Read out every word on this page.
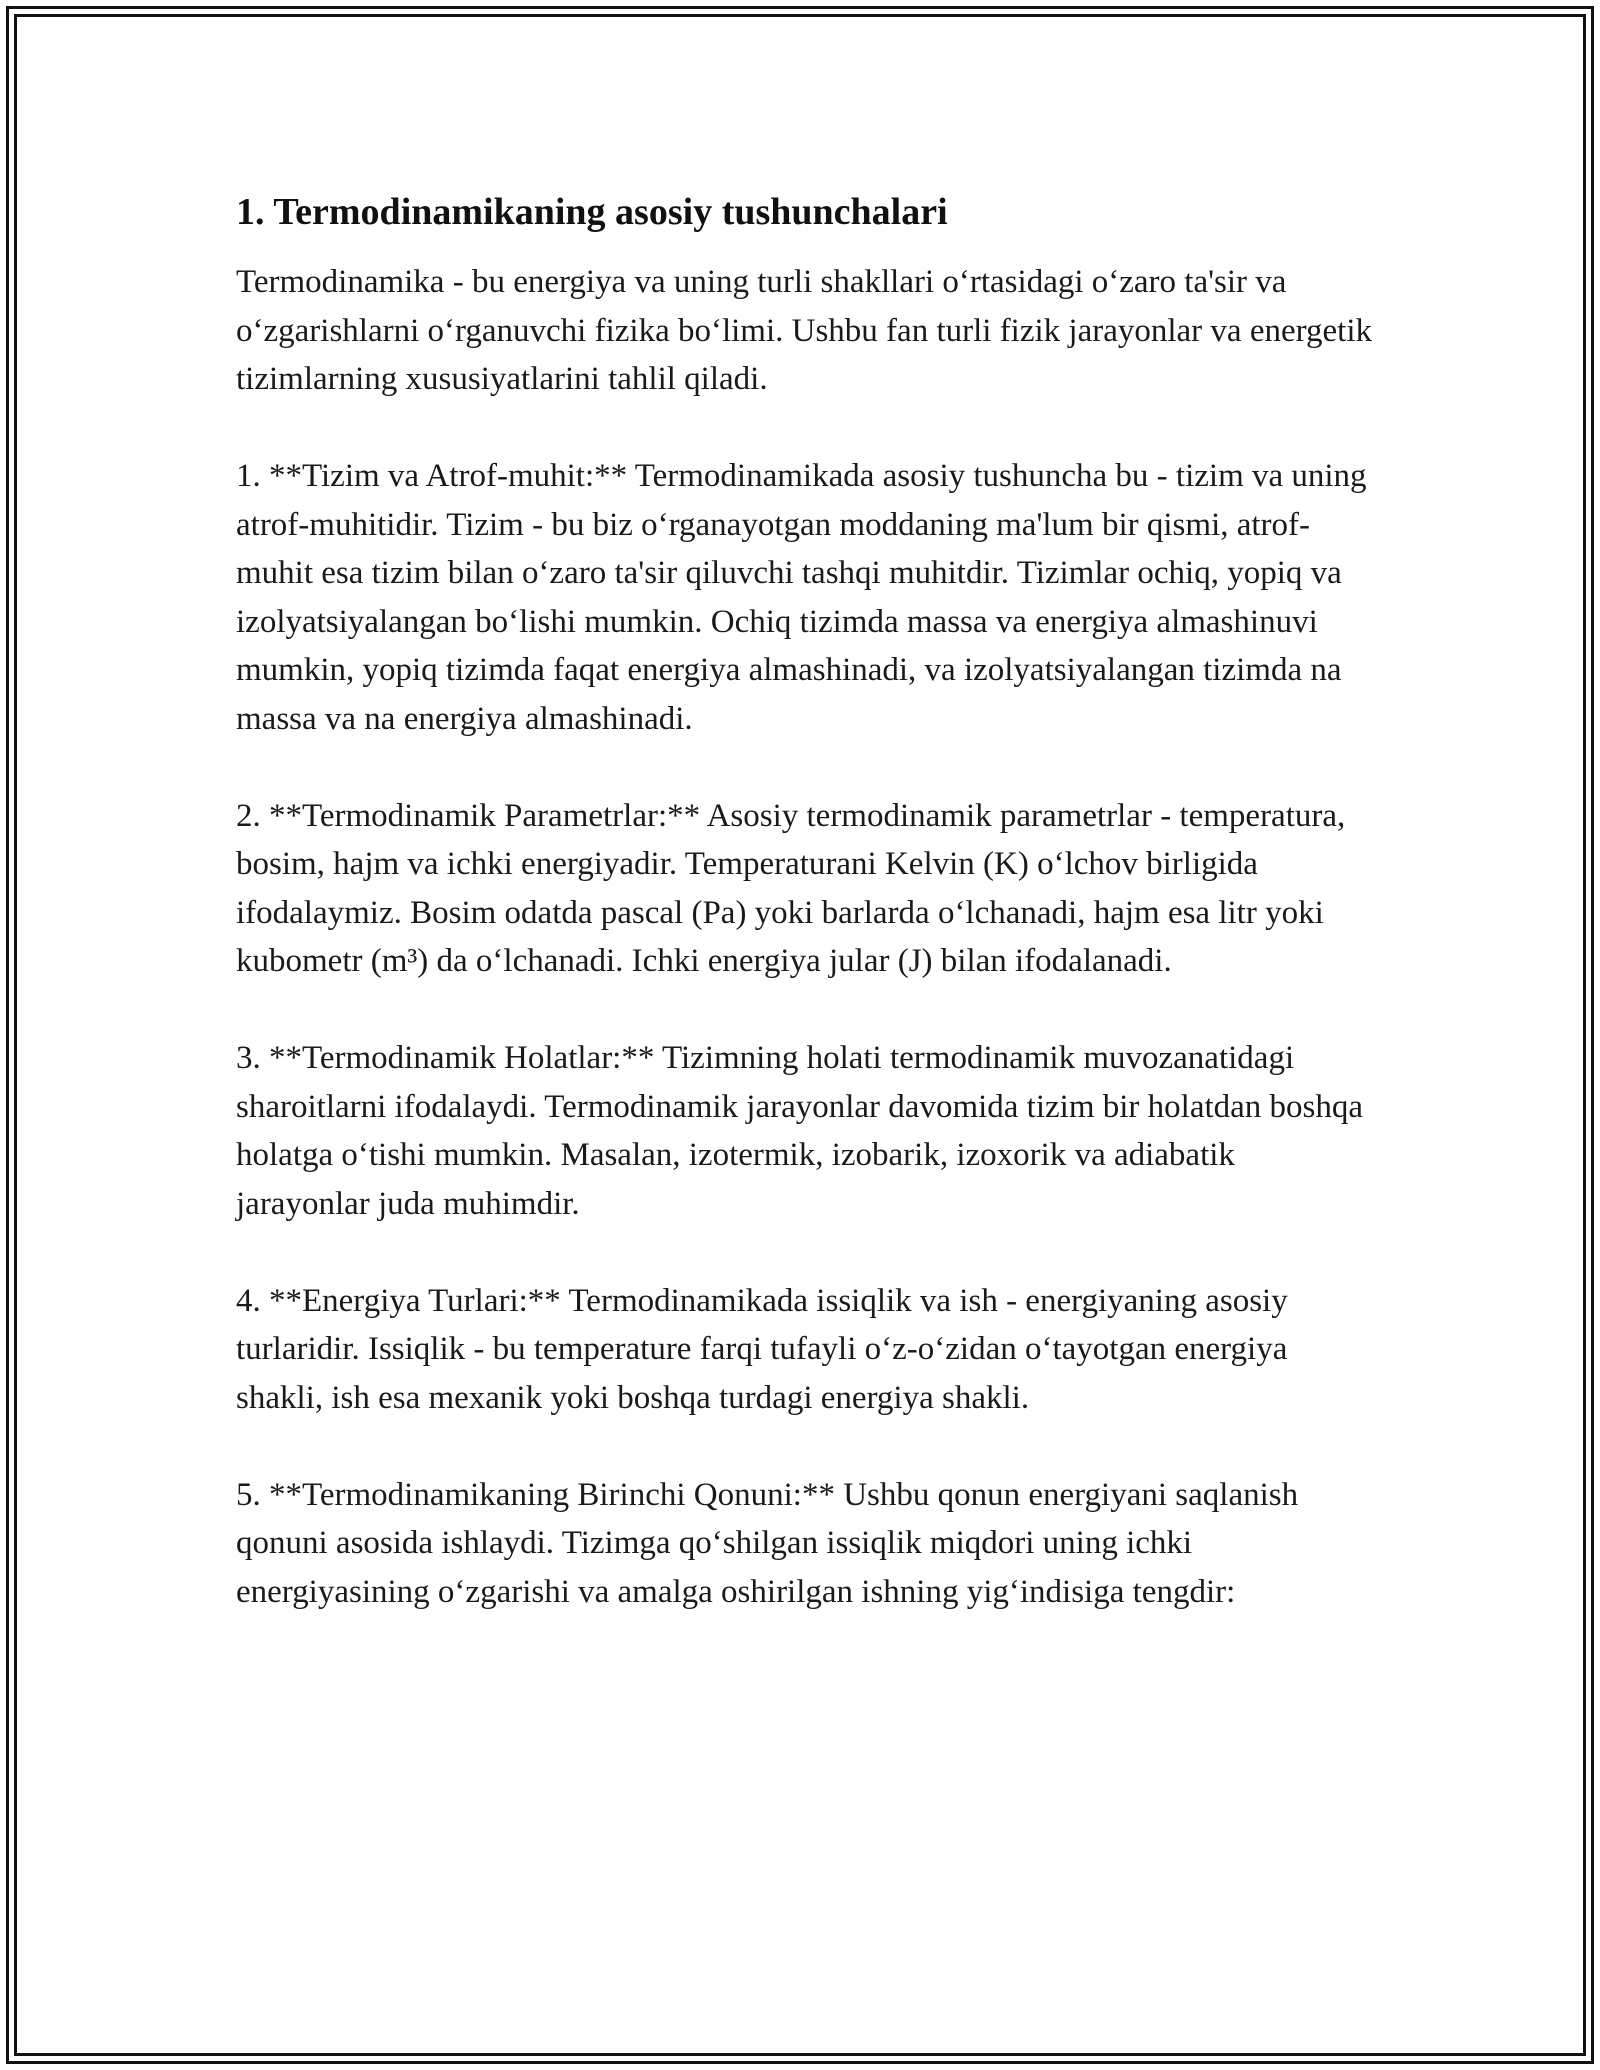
1. Termodinamikaning asosiy tushunchalari

Termodinamika - bu energiya va uning turli shakllari o‘rtasidagi o‘zaro ta'sir va o‘zgarishlarni o‘rganuvchi fizika bo‘limi. Ushbu fan turli fizik jarayonlar va energetik tizimlarning xususiyatlarini tahlil qiladi.

1. **Tizim va Atrof-muhit:** Termodinamikada asosiy tushuncha bu - tizim va uning atrof-muhitidir. Tizim - bu biz o‘rganayotgan moddaning ma'lum bir qismi, atrof-muhit esa tizim bilan o‘zaro ta'sir qiluvchi tashqi muhitdir. Tizimlar ochiq, yopiq va izolyatsiyalangan bo‘lishi mumkin. Ochiq tizimda massa va energiya almashinuvi mumkin, yopiq tizimda faqat energiya almashinadi, va izolyatsiyalangan tizimda na massa va na energiya almashinadi.

2. **Termodinamik Parametrlar:** Asosiy termodinamik parametrlar - temperatura, bosim, hajm va ichki energiyadir. Temperaturani Kelvin (K) o‘lchov birligida ifodalaymiz. Bosim odatda pascal (Pa) yoki barlarda o‘lchanadi, hajm esa litr yoki kubometr (m³) da o‘lchanadi. Ichki energiya jular (J) bilan ifodalanadi.

3. **Termodinamik Holatlar:** Tizimning holati termodinamik muvozanatidagi sharoitlarni ifodalaydi. Termodinamik jarayonlar davomida tizim bir holatdan boshqa holatga o‘tishi mumkin. Masalan, izotermik, izobarik, izoxorik va adiabatik jarayonlar juda muhimdir.

4. **Energiya Turlari:** Termodinamikada issiqlik va ish - energiyaning asosiy turlaridir. Issiqlik - bu temperature farqi tufayli o‘z-o‘zidan o‘tayotgan energiya shakli, ish esa mexanik yoki boshqa turdagi energiya shakli.

5. **Termodinamikaning Birinchi Qonuni:** Ushbu qonun energiyani saqlanish qonuni asosida ishlaydi. Tizimga qo‘shilgan issiqlik miqdori uning ichki energiyasining o‘zgarishi va amalga oshirilgan ishning yig‘indisiga tengdir:
